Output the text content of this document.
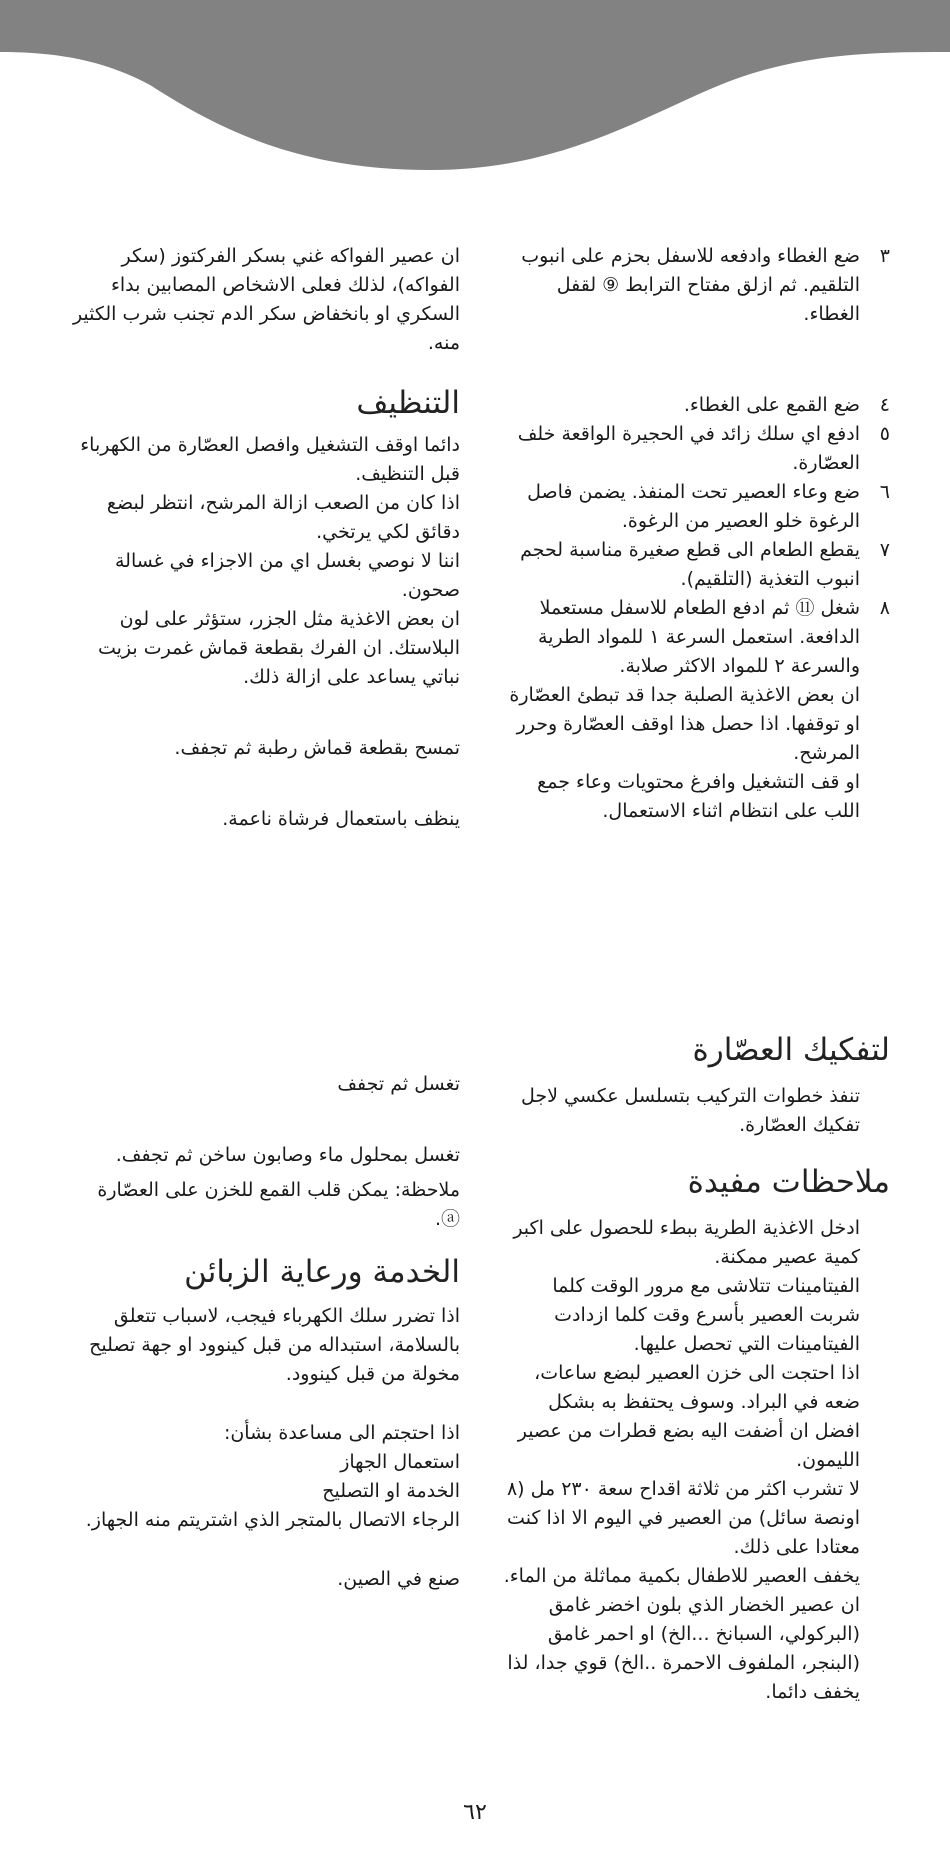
٣
ضع الغطاء وادفعه للاسفل بحزم على انبوب التلقيم. ثم ازلق مفتاح الترابط ⑨ لقفل الغطاء.
٤
ضع القمع على الغطاء.
٥
ادفع اي سلك زائد في الحجيرة الواقعة خلف العصّارة.
٦
ضع وعاء العصير تحت المنفذ. يضمن فاصل الرغوة خلو العصير من الرغوة.
٧
يقطع الطعام الى قطع صغيرة مناسبة لحجم انبوب التغذية (التلقيم).
٨
شغل ⑪ ثم ادفع الطعام للاسفل مستعملا الدافعة. استعمل السرعة ١ للمواد الطرية والسرعة ٢ للمواد الاكثر صلابة.

ان بعض الاغذية الصلبة جدا قد تبطئ العصّارة او توقفها. اذا حصل هذا اوقف العصّارة وحرر المرشح.

او قف التشغيل وافرغ محتويات وعاء جمع اللب على انتظام اثناء الاستعمال.

ان عصير الفواكه غني بسكر الفركتوز (سكر الفواكه)، لذلك فعلى الاشخاص المصابين بداء السكري او بانخفاض سكر الدم تجنب شرب الكثير منه.

التنظيف

دائما اوقف التشغيل وافصل العصّارة من الكهرباء قبل التنظيف.

اذا كان من الصعب ازالة المرشح، انتظر لبضع دقائق لكي يرتخي.

اننا لا نوصي بغسل اي من الاجزاء في غسالة صحون.

ان بعض الاغذية مثل الجزر، ستؤثر على لون البلاستك. ان الفرك بقطعة قماش غمرت بزيت نباتي يساعد على ازالة ذلك.

تمسح بقطعة قماش رطبة ثم تجفف.

ينظف باستعمال فرشاة ناعمة.

لتفكيك العصّارة

تنفذ خطوات التركيب بتسلسل عكسي لاجل تفكيك العصّارة.

ملاحظات مفيدة

ادخل الاغذية الطرية ببطء للحصول على اكبر كمية عصير ممكنة.

الفيتامينات تتلاشى مع مرور الوقت كلما شربت العصير بأسرع وقت كلما ازدادت الفيتامينات التي تحصل عليها.

اذا احتجت الى خزن العصير لبضع ساعات، ضعه في البراد. وسوف يحتفظ به بشكل افضل ان أضفت اليه بضع قطرات من عصير الليمون.

لا تشرب اكثر من ثلاثة اقداح سعة ٢٣٠ مل (٨ اونصة سائل) من العصير في اليوم الا اذا كنت معتادا على ذلك.

يخفف العصير للاطفال بكمية مماثلة من الماء.

ان عصير الخضار الذي بلون اخضر غامق (البركولي، السبانخ ...الخ) او احمر غامق (البنجر، الملفوف الاحمرة ..الخ) قوي جدا، لذا يخفف دائما.

تغسل ثم تجفف

تغسل بمحلول ماء وصابون ساخن ثم تجفف.

ملاحظة: يمكن قلب القمع للخزن على العصّارة ⓐ.

الخدمة ورعاية الزبائن

اذا تضرر سلك الكهرباء فيجب، لاسباب تتعلق بالسلامة، استبداله من قبل كينوود او جهة تصليح مخولة من قبل كينوود.

اذا احتجتم الى مساعدة بشأن:

استعمال الجهاز

الخدمة او التصليح

الرجاء الاتصال بالمتجر الذي اشتريتم منه الجهاز.

صنع في الصين.

٦٢
